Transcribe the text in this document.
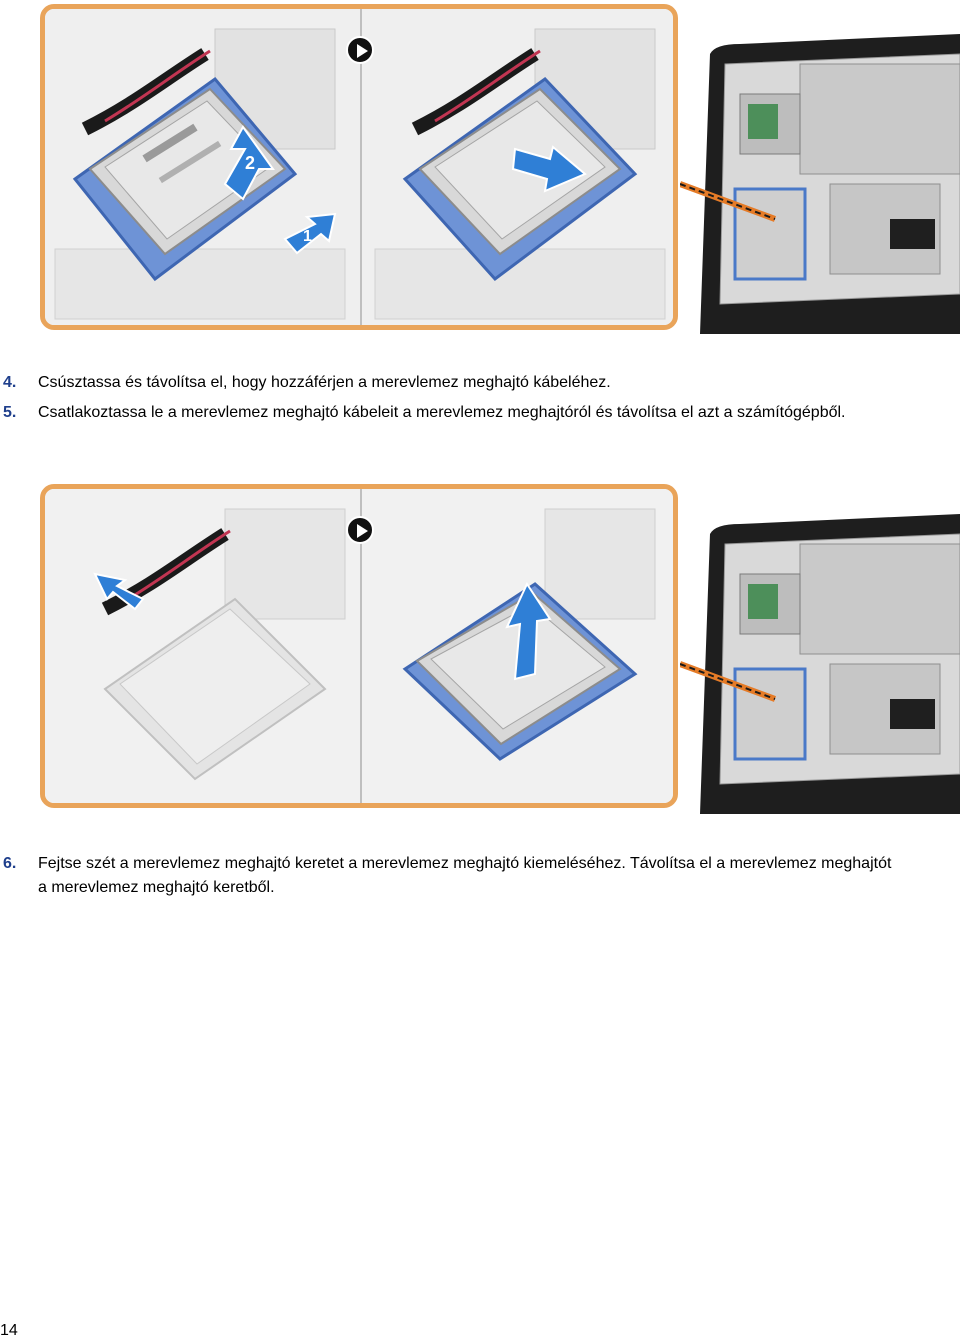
2
1
4. Csúsztassa és távolítsa el, hogy hozzáférjen a merevlemez meghajtó kábeléhez.
5. Csatlakoztassa le a merevlemez meghajtó kábeleit a merevlemez meghajtóról és távolítsa el azt a számítógépből.
6. Fejtse szét a merevlemez meghajtó keretet a merevlemez meghajtó kiemeléséhez. Távolítsa el a merevlemez meghajtót a merevlemez meghajtó keretből.
14
